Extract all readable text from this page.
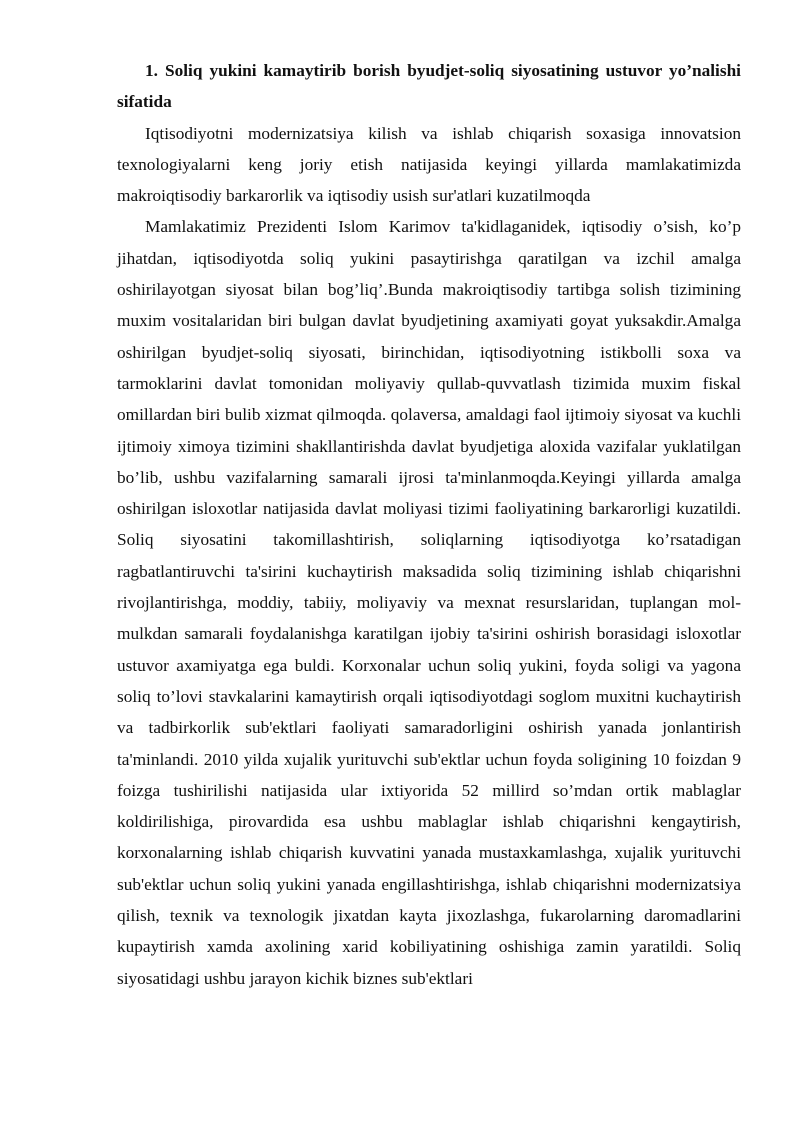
1. Soliq yukini kamaytirib borish byudjet-soliq siyosatining ustuvor yo’nalishi sifatida

Iqtisodiyotni modernizatsiya kilish va ishlab chiqarish soxasiga innovatsion texnologiyalarni keng joriy etish natijasida keyingi yillarda mamlakatimizda makroiqtisodiy barkarorlik va iqtisodiy usish sur'atlari kuzatilmoqda

Mamlakatimiz Prezidenti Islom Karimov ta'kidlaganidek, iqtisodiy o’sish, ko’p jihatdan, iqtisodiyotda soliq yukini pasaytirishga qaratilgan va izchil amalga oshirilayotgan siyosat bilan bog’liq’.Bunda makroiqtisodiy tartibga solish tizimining muxim vositalaridan biri bulgan davlat byudjetining axamiyati goyat yuksakdir.Amalga oshirilgan byudjet-soliq siyosati, birinchidan, iqtisodiyotning istikbolli soxa va tarmoklarini davlat tomonidan moliyaviy qullab-quvvatlash tizimida muxim fiskal omillardan biri bulib xizmat qilmoqda. qolaversa, amaldagi faol ijtimoiy siyosat va kuchli ijtimoiy ximoya tizimini shakllantirishda davlat byudjetiga aloxida vazifalar yuklatilgan bo’lib, ushbu vazifalarning samarali ijrosi ta'minlanmoqda.Keyingi yillarda amalga oshirilgan isloxotlar natijasida davlat moliyasi tizimi faoliyatining barkarorligi kuzatildi. Soliq siyosatini takomillashtirish, soliqlarning iqtisodiyotga ko’rsatadigan ragbatlantiruvchi ta'sirini kuchaytirish maksadida soliq tizimining ishlab chiqarishni rivojlantirishga, moddiy, tabiiy, moliyaviy va mexnat resurslaridan, tuplangan mol-mulkdan samarali foydalanishga karatilgan ijobiy ta'sirini oshirish borasidagi isloxotlar ustuvor axamiyatga ega buldi. Korxonalar uchun soliq yukini, foyda soligi va yagona soliq to’lovi stavkalarini kamaytirish orqali iqtisodiyotdagi soglom muxitni kuchaytirish va tadbirkorlik sub'ektlari faoliyati samaradorligini oshirish yanada jonlantirish ta'minlandi. 2010 yilda xujalik yurituvchi sub'ektlar uchun foyda soligining 10 foizdan 9 foizga tushirilishi natijasida ular ixtiyorida 52 millird so’mdan ortik mablaglar koldirilishiga, pirovardida esa ushbu mablaglar ishlab chiqarishni kengaytirish, korxonalarning ishlab chiqarish kuvvatini yanada mustaxkamlashga, xujalik yurituvchi sub'ektlar uchun soliq yukini yanada engillashtirishga, ishlab chiqarishni modernizatsiya qilish, texnik va texnologik jixatdan kayta jixozlashga, fukarolarning daromadlarini kupaytirish xamda axolining xarid kobiliyatining oshishiga zamin yaratildi. Soliq siyosatidagi ushbu jarayon kichik biznes sub'ektlari
